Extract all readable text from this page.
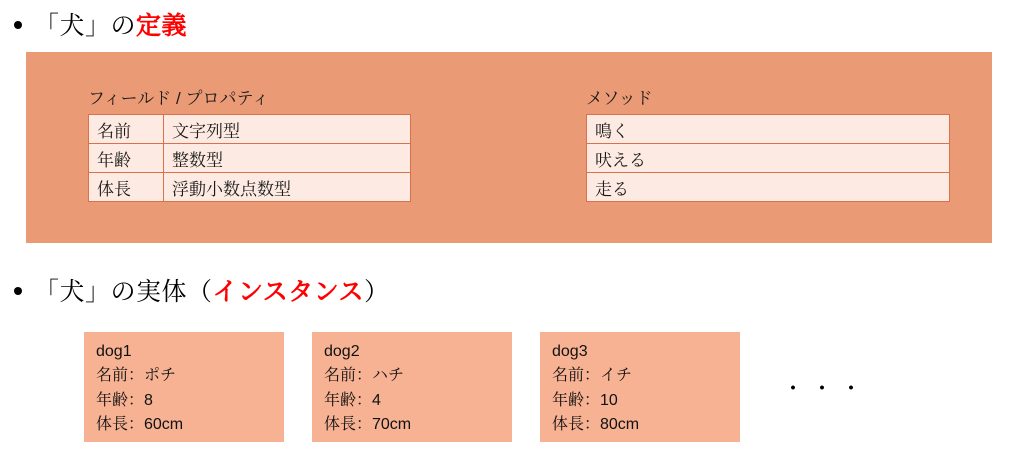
「犬」の定義
フィールド / プロパティ	メソッド
名前	文字列型
年齢	整数型
体長	浮動小数点数型
鳴く
吠える
走る
「犬」の実体（インスタンス）
dog1
名前：ポチ
年齢：8
体長：60cm
dog2
名前：ハチ
年齢：4
体長：70cm
dog3
名前：イチ
年齢：10
体長：80cm
・・・
